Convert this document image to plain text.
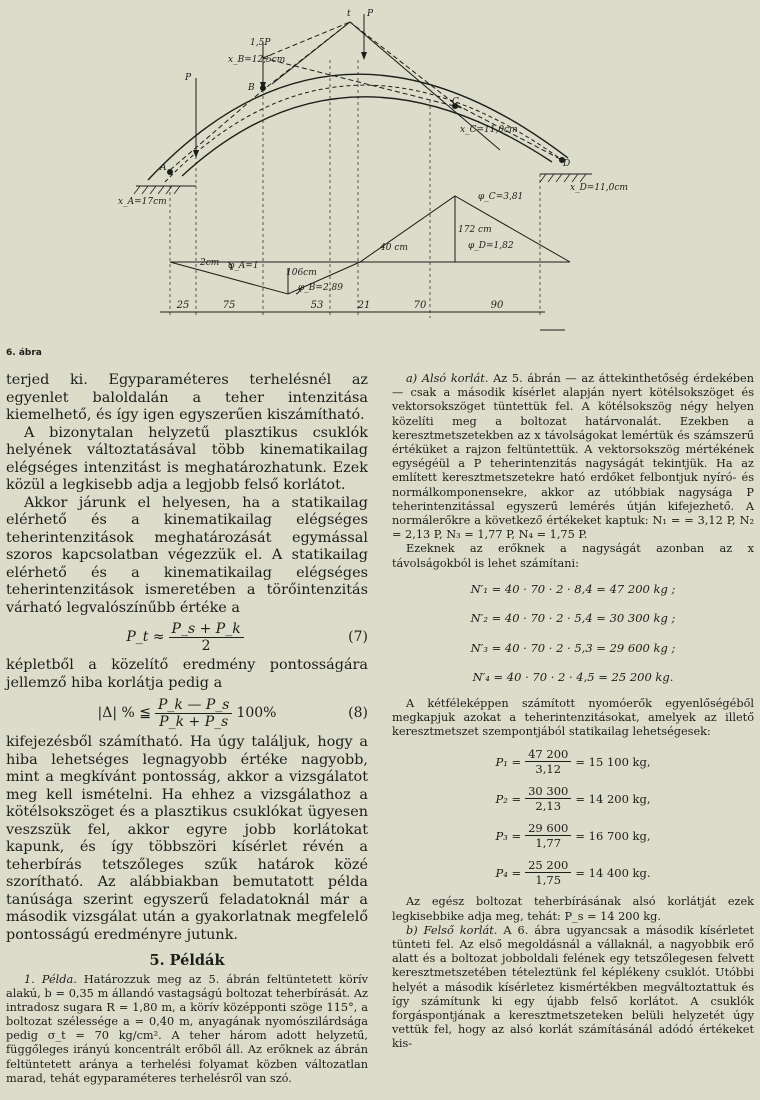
t P
P
1,5P
x_B=12,5cm
B
C
A	D
x_C=11,0cm
x_A=17cm
x_D=11,0cm
φ_C=3,81
172 cm
40 cm	φ_D=1,82
2cm φ_A=1
106cm
φ_B=2,89
25	75	53	21	70	90
6. ábra

terjed ki. Egyparaméteres terhelésnél az egyenlet baloldalán a teher intenzitása kiemelhető, és így igen egyszerűen kiszámítható.

A bizonytalan helyzetű plasztikus csuklók helyének változtatásával több kinematikailag elégséges intenzitást is meghatározhatunk. Ezek közül a legkisebb adja a legjobb felső korlátot.

Akkor járunk el helyesen, ha a statikailag elérhető és a kinematikailag elégséges teherintenzitások meghatározását egymással szoros kapcsolatban végezzük el. A statikailag elérhető és a kinematikailag elégséges teherintenzitások ismeretében a törőintenzitás várható legvalószínűbb értéke a

P_t ≈ $\frac{P\_s + P\_k}{2}$	(7)

képletből a közelítő eredmény pontosságára jellemző hiba korlátja pedig a

|Δ| % ≦ $\frac{P\_k — P\_s}{P\_k + P\_s} 100\%$	(8)

kifejezésből számítható. Ha úgy találjuk, hogy a hiba lehetséges legnagyobb értéke nagyobb, mint a megkívánt pontosság, akkor a vizsgálatot meg kell ismételni. Ha ehhez a vizsgálathoz a kötélsokszöget és a plasztikus csuklókat ügyesen veszszük fel, akkor egyre jobb korlátokat kapunk, és így többszöri kísérlet révén a teherbírás tetszőleges szűk határok közé szorítható. Az alábbiakban bemutatott példa tanúsága szerint egyszerű feladatoknál már a második vizsgálat után a gyakorlatnak megfelelő pontosságú eredményre jutunk.

5. Példák

1. Példa. Határozzuk meg az 5. ábrán feltüntetett körív alakú, b = 0,35 m állandó vastagságú boltozat teherbírását. Az intradosz sugara R = 1,80 m, a körív középponti szöge 115°, a boltozat szélessége a = 0,40 m, anyagának nyomószilárdsága pedig σ_t = 70 kg/cm². A teher három adott helyzetű, függőleges irányú koncentrált erőből áll. Az erőknek az ábrán feltüntetett aránya a terhelési folyamat közben változatlan marad, tehát egyparaméteres terhelésről van szó.

a) Alsó korlát. Az 5. ábrán — az áttekinthetőség érdekében — csak a második kísérlet alapján nyert kötélsokszöget és vektorsokszöget tüntettük fel. A kötélsokszög négy helyen közelíti meg a boltozat határvonalát. Ezekben a keresztmetszetekben az x távolságokat lemértük és számszerű értéküket a rajzon feltüntettük. A vektorsokszög mértékének egységéül a P teherintenzitás nagyságát tekintjük. Ha az említett keresztmetszetekre ható erdőket felbontjuk nyíró- és normálkomponensekre, akkor az utóbbiak nagysága P teherintenzitással egyszerű lemérés útján kifejezhető. A normálerőkre a következő értékeket kaptuk: N₁ = = 3,12 P, N₂ = 2,13 P, N₃ = 1,77 P, N₄ = 1,75 P.

Ezeknek az erőknek a nagyságát azonban az x távolságokból is lehet számítani:

N′₁ = 40 · 70 · 2 · 8,4 = 47 200 kg ;
N′₂ = 40 · 70 · 2 · 5,4 = 30 300 kg ;
N′₃ = 40 · 70 · 2 · 5,3 = 29 600 kg ;
N′₄ = 40 · 70 · 2 · 4,5 = 25 200 kg.

A kétféleképpen számított nyomóerők egyenlőségéből megkapjuk azokat a teherintenzitásokat, amelyek az illető keresztmetszet szempontjából statikailag lehetségesek:

$P_1 = \frac{47 200}{3,12} = 15$ 100 kg,
$P_2 = \frac{30 300}{2,13} = 14$ 200 kg,
$P_3 = \frac{29 600}{1,77} = 16$ 700 kg,
$P_4 = \frac{25 200}{1,75} = 14$ 400 kg.

Az egész boltozat teherbírásának alsó korlátját ezek legkisebbike adja meg, tehát: P_s = 14 200 kg.

b) Felső korlát. A 6. ábra ugyancsak a második kísérletet tünteti fel. Az első megoldásnál a vállaknál, a nagyobbik erő alatt és a boltozat jobboldali felének egy tetszőlegesen felvett keresztmetszetében tételeztünk fel képlékeny csuklót. Utóbbi helyét a második kísérletez kismértékben megváltoztattuk és így számítunk ki egy újabb felső korlátot. A csuklók forgáspontjának a keresztmetszeteken belüli helyzetét úgy vettük fel, hogy az alsó korlát számításánál adódó értékeket kis-
